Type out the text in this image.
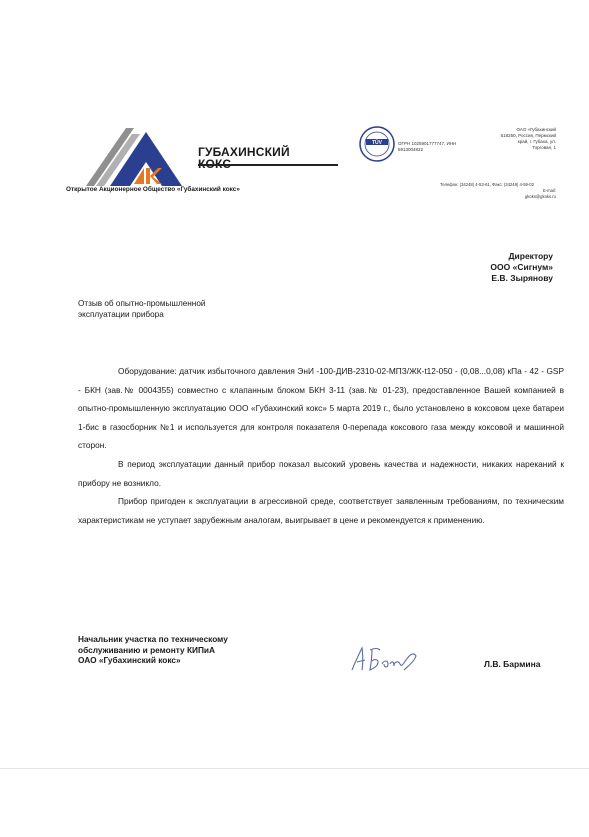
ГУБАХИНСКИЙ
Открытое Акционерное Общество «Губахинский кокс»
TÜV	ОГРН 1025901777747, ИНН
5913004822
ОАО «Губахинский
618250, Россия, Пермский
край, г. Губаха, ул.
Торговая, 1
Телефон: (34248) 4-53-61, Факс: (34248) 4-59-02
E-mail:
gkoks@gkoks.ru
Директору
ООО «Сигнум»
Е.В. Зырянову
Отзыв об опытно-промышленной
эксплуатации прибора

Оборудование: датчик избыточного давления ЭнИ -100-ДИВ-2310-02-МПЗ/ЖК-t12-050 - (0,08...0,08) кПа - 42 - GSP - БКН (зав.№ 0004355) совместно с клапанным блоком БКН 3-11 (зав.№ 01-23), предоставленное Вашей компанией в опытно-промышленную эксплуатацию ООО «Губахинский кокс» 5 марта 2019 г., было установлено в коксовом цехе батареи 1-бис в газосборник №1 и используется для контроля показателя 0-перепада коксового газа между коксовой и машинной сторон.

В период эксплуатации данный прибор показал высокий уровень качества и надежности, никаких нареканий к прибору не возникло.

Прибор пригоден к эксплуатации в агрессивной среде, соответствует заявленным требованиям, по техническим характеристикам не уступает зарубежным аналогам, выигрывает в цене и рекомендуется к применению.

Начальник участка по техническому
обслуживанию и ремонту КИПиА
ОАО «Губахинский кокс»	Л.В. Бармина
